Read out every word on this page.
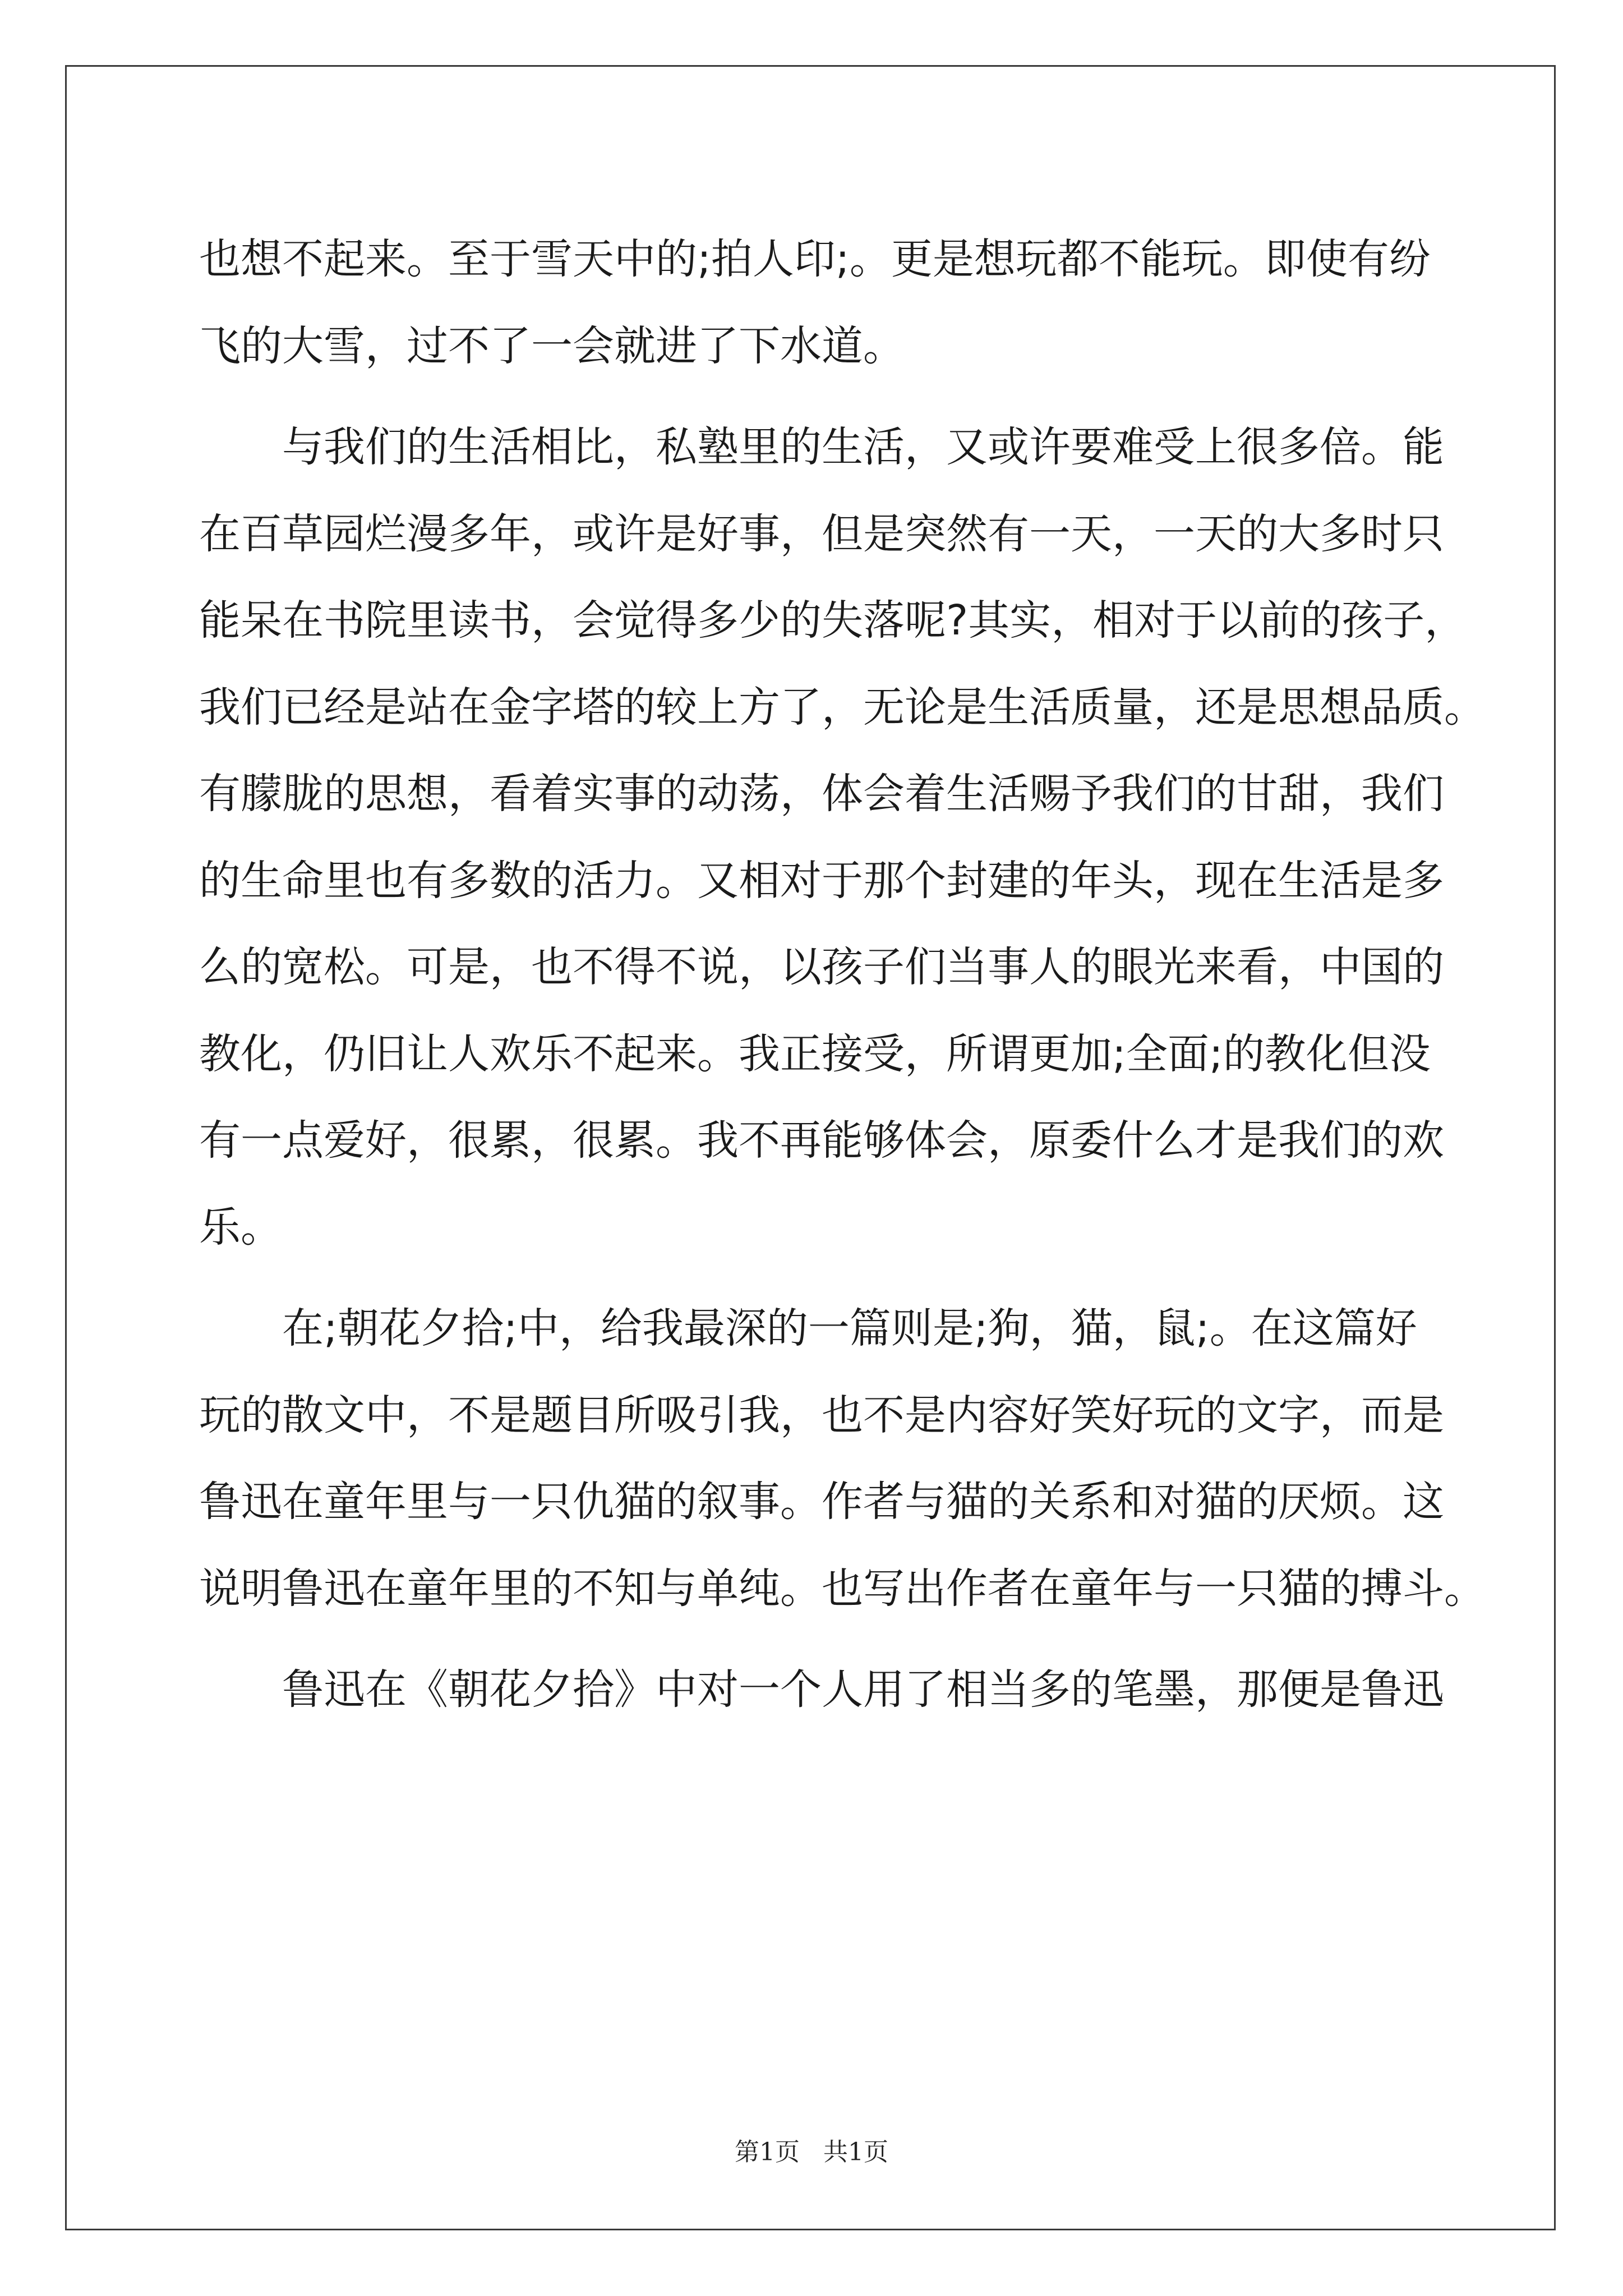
也想不起来。至于雪天中的;拍人印;。更是想玩都不能玩。即使有纷
飞的大雪，过不了一会就进了下水道。
与我们的生活相比，私塾里的生活，又或许要难受上很多倍。能
在百草园烂漫多年，或许是好事，但是突然有一天，一天的大多时只
能呆在书院里读书，会觉得多少的失落呢?其实，相对于以前的孩子，
我们已经是站在金字塔的较上方了，无论是生活质量，还是思想品质。
有朦胧的思想，看着实事的动荡，体会着生活赐予我们的甘甜，我们
的生命里也有多数的活力。又相对于那个封建的年头，现在生活是多
么的宽松。可是，也不得不说，以孩子们当事人的眼光来看，中国的
教化，仍旧让人欢乐不起来。我正接受，所谓更加;全面;的教化但没
有一点爱好，很累，很累。我不再能够体会，原委什么才是我们的欢
乐。
在;朝花夕拾;中，给我最深的一篇则是;狗，猫，鼠;。在这篇好
玩的散文中，不是题目所吸引我，也不是内容好笑好玩的文字，而是
鲁迅在童年里与一只仇猫的叙事。作者与猫的关系和对猫的厌烦。这
说明鲁迅在童年里的不知与单纯。也写出作者在童年与一只猫的搏斗。
鲁迅在《朝花夕拾》中对一个人用了相当多的笔墨，那便是鲁迅
第1页 共1页
